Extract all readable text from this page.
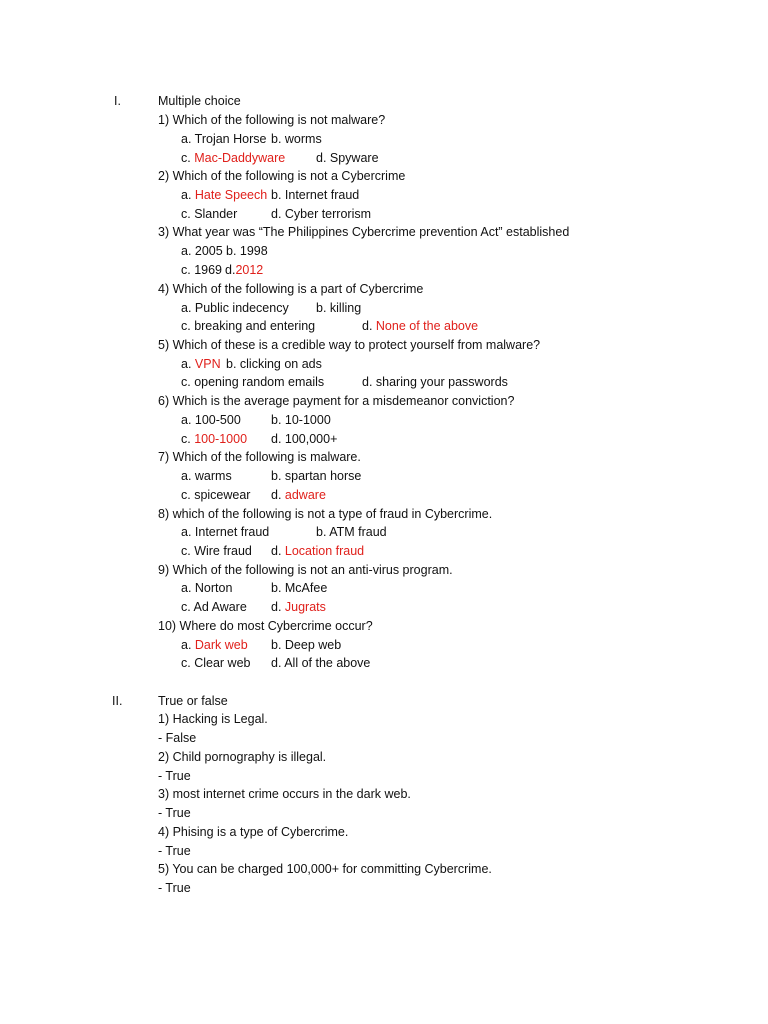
I.	Multiple choice
1) Which of the following is not malware?
a. Trojan Horse b. worms
c. Mac-Daddyware d. Spyware
2) Which of the following is not a Cybercrime
a. Hate Speech b. Internet fraud
c. Slander	d. Cyber terrorism
3) What year was “The Philippines Cybercrime prevention Act” established
a. 2005 b. 1998
c. 1969 d.2012
4) Which of the following is a part of Cybercrime
a. Public indecency b. killing
c. breaking and entering	d. None of the above
5) Which of these is a credible way to protect yourself from malware?
a. VPN b. clicking on ads
c. opening random emails	d. sharing your passwords
6) Which is the average payment for a misdemeanor conviction?
a. 100-500 b. 10-1000
c. 100-1000 d. 100,000+
7) Which of the following is malware.
a. warms	b. spartan horse
c. spicewear d. adware
8) which of the following is not a type of fraud in Cybercrime.
a. Internet fraud	b. ATM fraud
c. Wire fraud d. Location fraud
9) Which of the following is not an anti-virus program.
a. Norton	b. McAfee
c. Ad Aware d. Jugrats
10) Where do most Cybercrime occur?
a. Dark web b. Deep web
c. Clear web d. All of the above
II.	True or false
1) Hacking is Legal.
- False
2) Child pornography is illegal.
- True
3) most internet crime occurs in the dark web.
- True
4) Phising is a type of Cybercrime.
- True
5) You can be charged 100,000+ for committing Cybercrime.
- True
